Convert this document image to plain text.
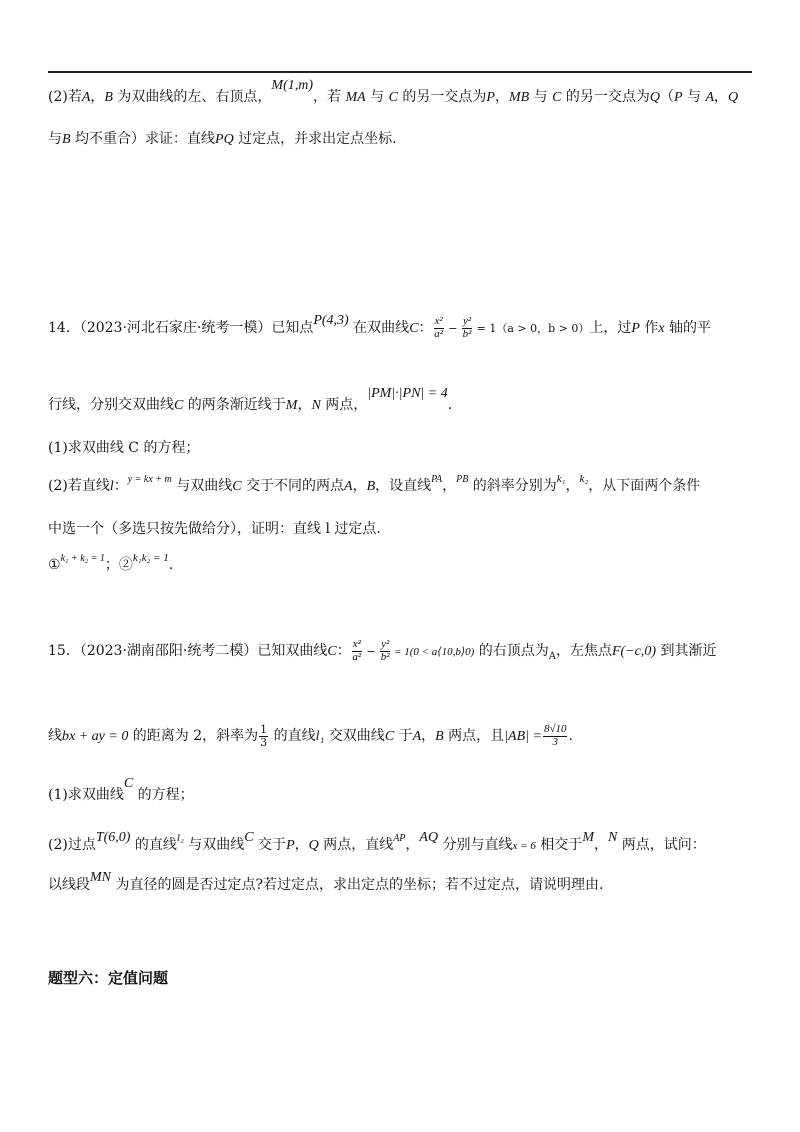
(2)若A，B 为双曲线的左、右顶点，M(1,m)，若 MA 与 C 的另一交点为P，MB 与 C 的另一交点为Q（P 与 A，Q
与B 均不重合）求证：直线PQ 过定点，并求出定点坐标.
14．（2023·河北石家庄·统考一模）已知点P(4,3) 在双曲线C： $\frac{\text{x²}}{\text{a²}} - \frac{\text{y²}}{\text{b²}} = 1(a > 0$，b > 0）上，过P 作x 轴的平
行线，分别交双曲线C 的两条渐近线于M，N 两点，|PM|·|PN| = 4.
(1)求双曲线 C 的方程；
(2)若直线l：$^{y = kx + m}$ 与双曲线C 交于不同的两点A，B，设直线$^{PA}$，$^{PB}$ 的斜率分别为$^{k_1}$，$^{k_2}$，从下面两个条件
中选一个（多选只按先做给分），证明：直线 l 过定点.
①$^{k_1 + k_2 = 1}$；②$^{k_1k_2 = 1}$.
15．（2023·湖南邵阳·统考二模）已知双曲线C： $\frac{\text{x²}}{\text{a²}} - \frac{\text{y²}}{\text{b²}} = 1(0$ < a⟨10,b⟩0) 的右顶点为$_A$，左焦点F(−c,0) 到其渐近
线bx + ay = 0 的距离为 2，斜率为 $\frac{1}{3}$ 的直线l₁ 交双曲线C 于A，B 两点，且$|AB| = \frac{8√10}{3}$ .
(1)求双曲线C 的方程；
(2)过点T(6,0) 的直线$^{l_2}$ 与双曲线C 交于P，Q 两点，直线$^{AP}$，AQ 分别与直线x = 6 相交于M，N 两点，试问：
以线段MN 为直径的圆是否过定点?若过定点，求出定点的坐标；若不过定点，请说明理由.
题型六：定值问题
